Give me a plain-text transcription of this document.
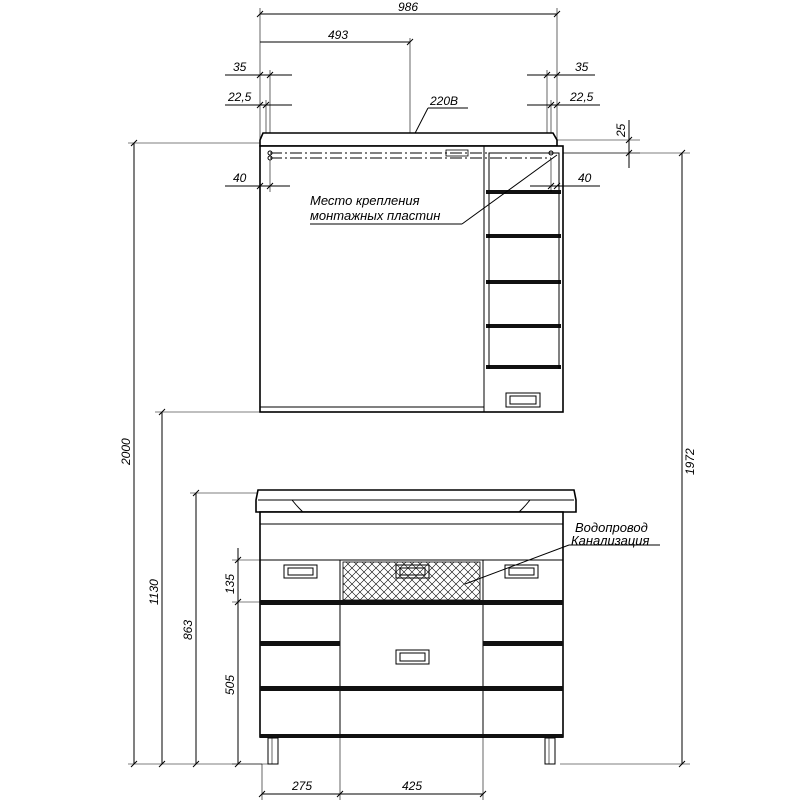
986
493
35
22,5
35
22,5
220В
25
40	40
Место крепления
монтажных пластин
2000	1972
1130
863
135
505
Водопровод
Канализация
275	425
